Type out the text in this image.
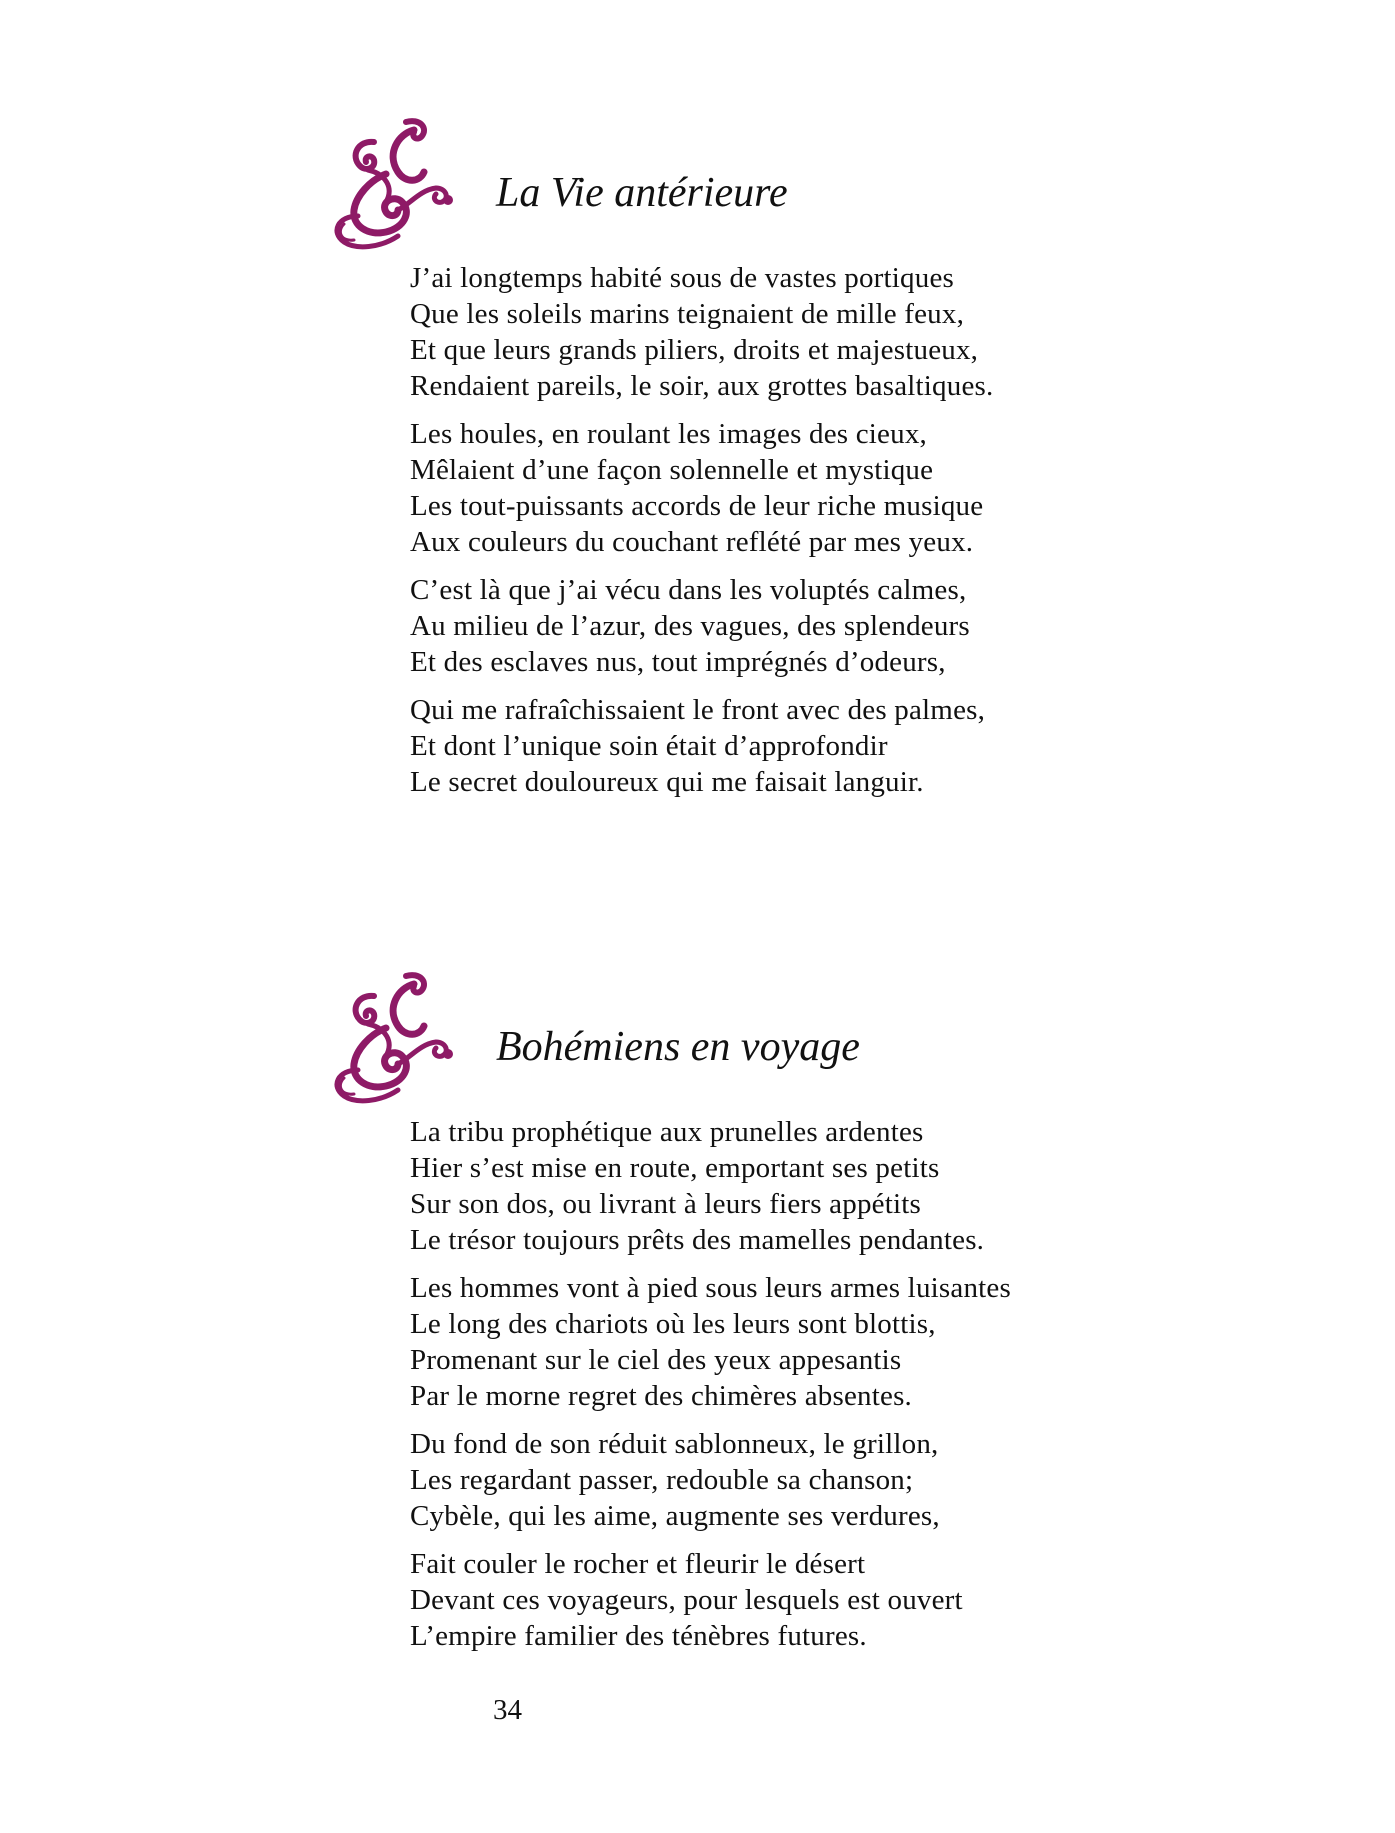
La Vie antérieure

J’ai longtemps habité sous de vastes portiques
Que les soleils marins teignaient de mille feux,
Et que leurs grands piliers, droits et majestueux,
Rendaient pareils, le soir, aux grottes basaltiques.

Les houles, en roulant les images des cieux,
Mêlaient d’une façon solennelle et mystique
Les tout-puissants accords de leur riche musique
Aux couleurs du couchant reflété par mes yeux.

C’est là que j’ai vécu dans les voluptés calmes,
Au milieu de l’azur, des vagues, des splendeurs
Et des esclaves nus, tout imprégnés d’odeurs,

Qui me rafraîchissaient le front avec des palmes,
Et dont l’unique soin était d’approfondir
Le secret douloureux qui me faisait languir.

Bohémiens en voyage

La tribu prophétique aux prunelles ardentes
Hier s’est mise en route, emportant ses petits
Sur son dos, ou livrant à leurs fiers appétits
Le trésor toujours prêts des mamelles pendantes.

Les hommes vont à pied sous leurs armes luisantes
Le long des chariots où les leurs sont blottis,
Promenant sur le ciel des yeux appesantis
Par le morne regret des chimères absentes.

Du fond de son réduit sablonneux, le grillon,
Les regardant passer, redouble sa chanson;
Cybèle, qui les aime, augmente ses verdures,

Fait couler le rocher et fleurir le désert
Devant ces voyageurs, pour lesquels est ouvert
L’empire familier des ténèbres futures.

34
